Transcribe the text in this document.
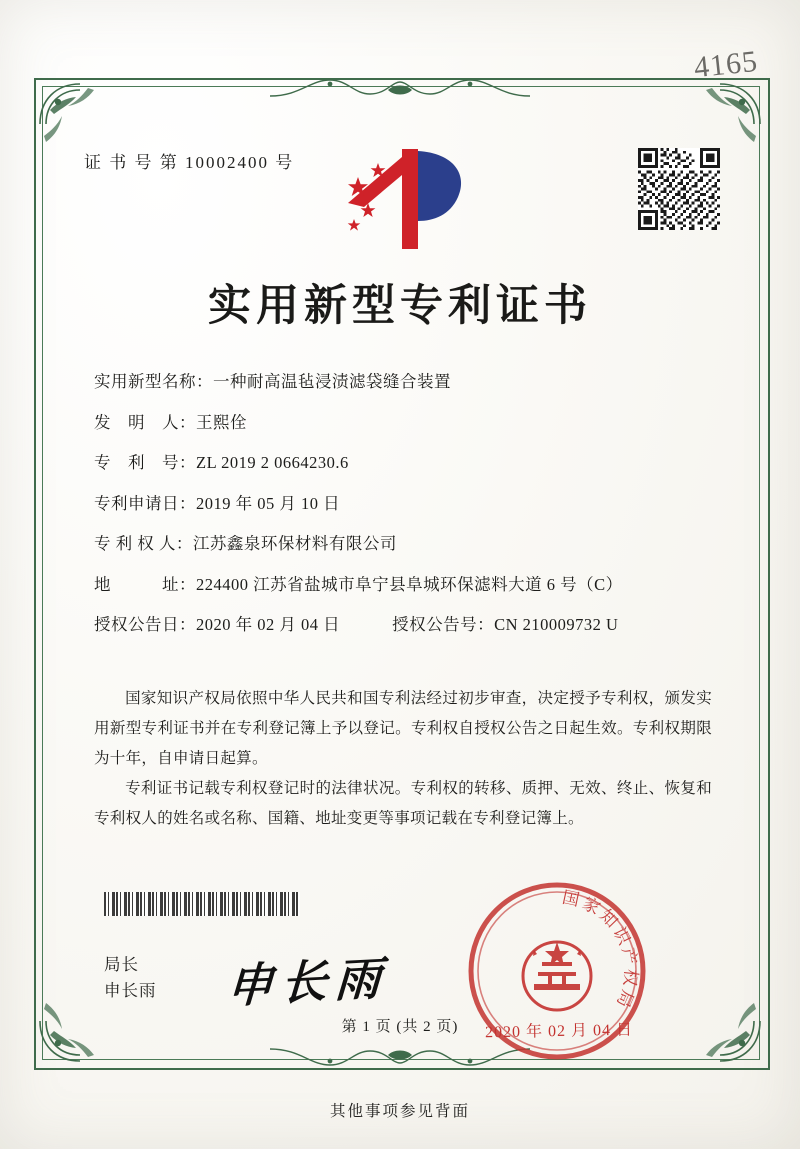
4165
证 书 号 第 10002400 号
实用新型专利证书
实用新型名称： 一种耐高温毡浸渍滤袋缝合装置
发　明　人： 王熙佺
专　利　号： ZL 2019 2 0664230.6
专利申请日： 2019 年 05 月 10 日
专 利 权 人： 江苏鑫泉环保材料有限公司
地　　　址： 224400 江苏省盐城市阜宁县阜城环保滤料大道 6 号（C）
授权公告日： 2020 年 02 月 04 日	授权公告号： CN 210009732 U
国家知识产权局依照中华人民共和国专利法经过初步审查，决定授予专利权，颁发实用新型专利证书并在专利登记簿上予以登记。专利权自授权公告之日起生效。专利权期限为十年，自申请日起算。
专利证书记载专利权登记时的法律状况。专利权的转移、质押、无效、终止、恢复和专利权人的姓名或名称、国籍、地址变更等事项记载在专利登记簿上。
局长
申长雨 申长雨
国家知识产权局
2020 年 02 月 04 日
第 1 页 (共 2 页)
其他事项参见背面
